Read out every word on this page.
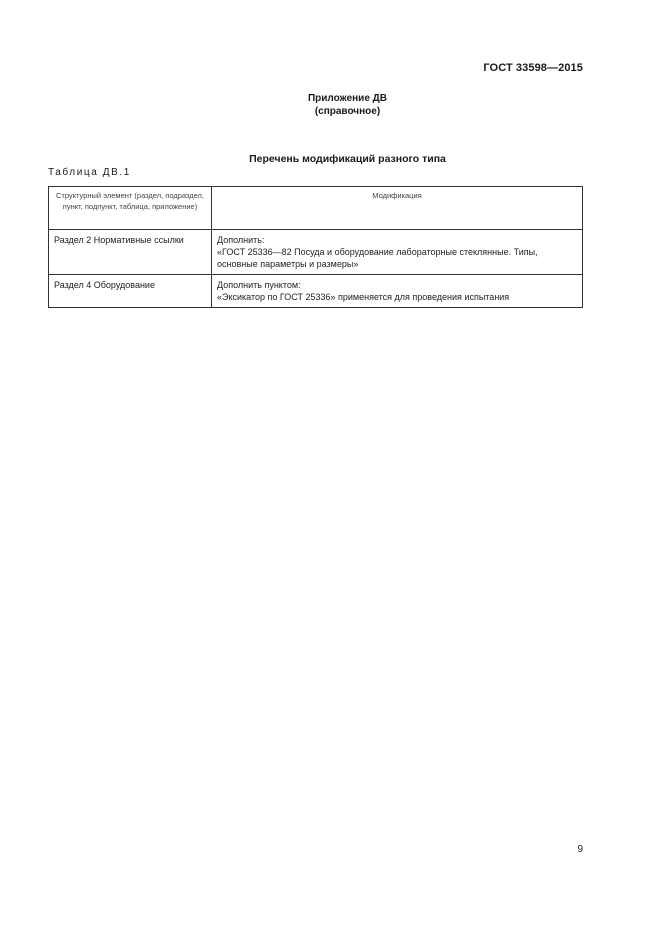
ГОСТ 33598—2015
Приложение ДВ
(справочное)
Перечень модификаций разного типа
Таблица ДВ.1
Структурный элемент (раздел, подраздел, пункт, подпункт, таблица, приложение)	Модификация
Раздел 2 Нормативные ссылки	Дополнить:
«ГОСТ 25336—82 Посуда и оборудование лабораторные стеклянные. Типы, основные параметры и размеры»

Раздел 4 Оборудование	Дополнить пунктом:
«Эксикатор по ГОСТ 25336» применяется для проведения испытания
9
